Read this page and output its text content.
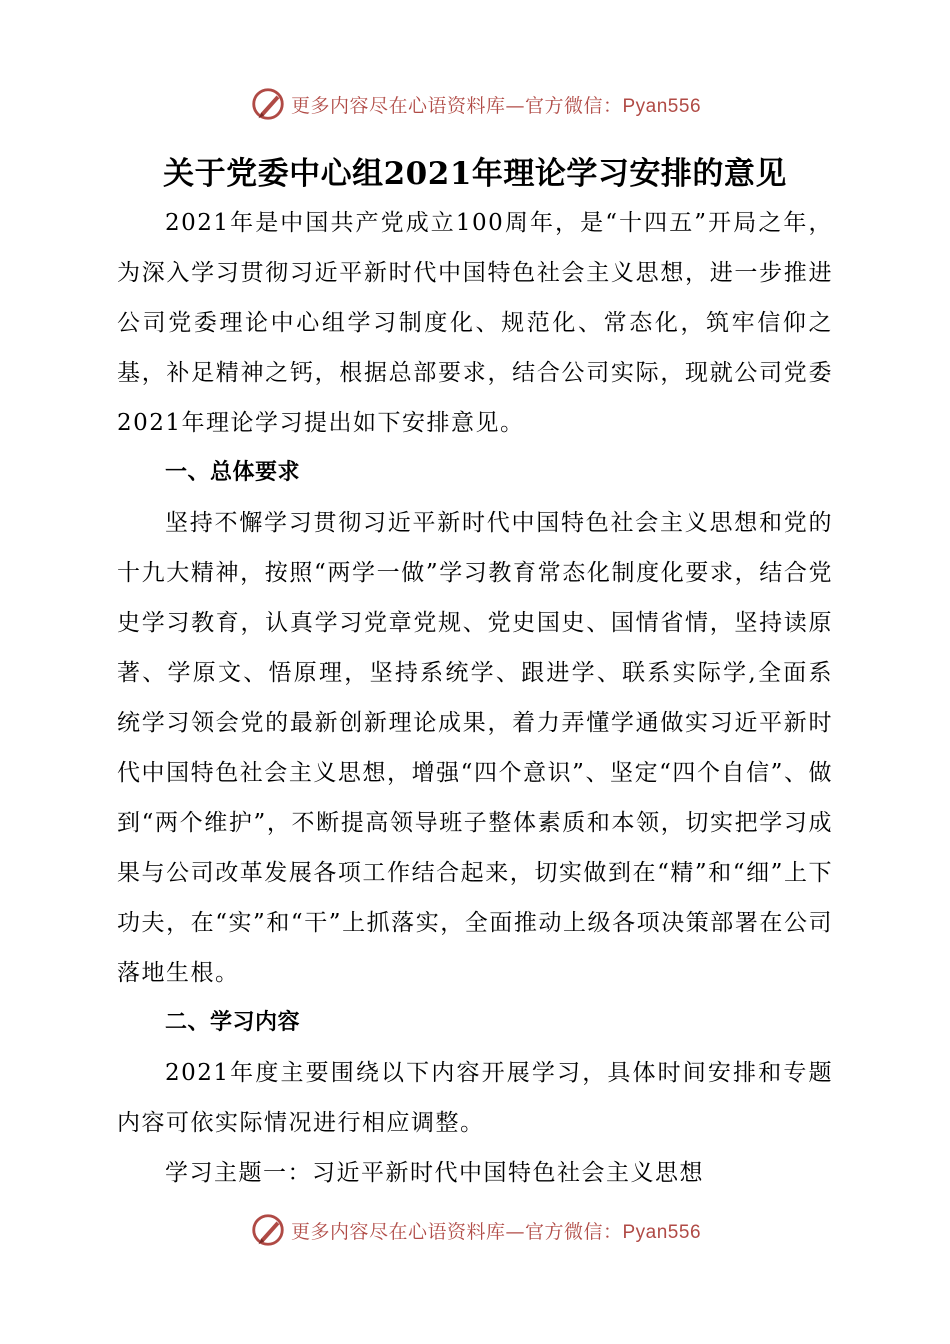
更多内容尽在心语资料库—官方微信：Pyan556
关于党委中心组2021年理论学习安排的意见

2021年是中国共产党成立100周年，是“十四五”开局之年，为深入学习贯彻习近平新时代中国特色社会主义思想，进一步推进公司党委理论中心组学习制度化、规范化、常态化，筑牢信仰之基，补足精神之钙，根据总部要求，结合公司实际，现就公司党委2021年理论学习提出如下安排意见。

一、总体要求

坚持不懈学习贯彻习近平新时代中国特色社会主义思想和党的十九大精神，按照“两学一做”学习教育常态化制度化要求，结合党史学习教育，认真学习党章党规、党史国史、国情省情，坚持读原著、学原文、悟原理，坚持系统学、跟进学、联系实际学,全面系统学习领会党的最新创新理论成果，着力弄懂学通做实习近平新时代中国特色社会主义思想，增强“四个意识”、坚定“四个自信”、做到“两个维护”，不断提高领导班子整体素质和本领，切实把学习成果与公司改革发展各项工作结合起来，切实做到在“精”和“细”上下功夫，在“实”和“干”上抓落实，全面推动上级各项决策部署在公司落地生根。

二、学习内容

2021年度主要围绕以下内容开展学习，具体时间安排和专题内容可依实际情况进行相应调整。

学习主题一：习近平新时代中国特色社会主义思想

更多内容尽在心语资料库—官方微信：Pyan556
